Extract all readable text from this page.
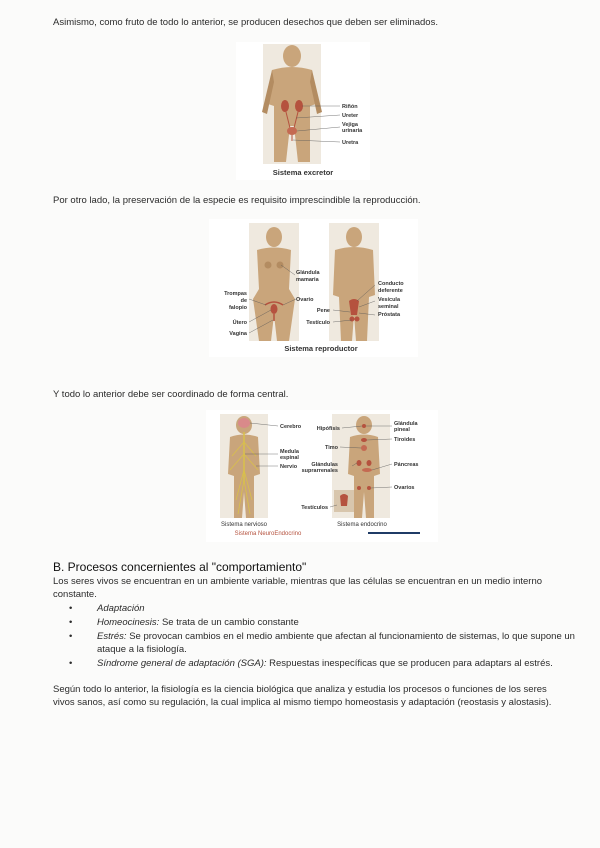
Asimismo, como fruto de todo lo anterior, se producen desechos que deben ser eliminados.

Riñón
Ureter
Vejiga
urinaria
Uretra
Sistema excretor

Por otro lado, la preservación de la especie es requisito imprescindible la reproducción.

Glándula
mamaria
Trompas
de
falopio
Ovario
Útero
Vagina
Conducto
deferente
Vesícula
seminal
Pene
Próstata
Testículo
Sistema reproductor

Y todo lo anterior debe ser coordinado de forma central.

Cerebro
Medula
espinal
Nervio
Hipófisis
Glándula
pineal
Tiroides
Timo
Glándulas
suprarrenales
Páncreas
Ovarios
Testículos
Sistema nervioso	Sistema endocrino
Sistema NeuroEndocrino
B. Procesos concernientes al "comportamiento"

Los seres vivos se encuentran en un ambiente variable, mientras que las células se encuentran en un medio interno constante.

•	Adaptación
•	Homeocinesis: Se trata de un cambio constante
•	Estrés: Se provocan cambios en el medio ambiente que afectan al funcionamiento de sistemas, lo que supone un ataque a la fisiología.
•	Síndrome general de adaptación (SGA): Respuestas inespecíficas que se producen para adaptars al estrés.

Según todo lo anterior, la fisiología es la ciencia biológica que analiza y estudia los procesos o funciones de los seres vivos sanos, así como su regulación, la cual implica al mismo tiempo homeostasis y adaptación (reostasis y alostasis).
